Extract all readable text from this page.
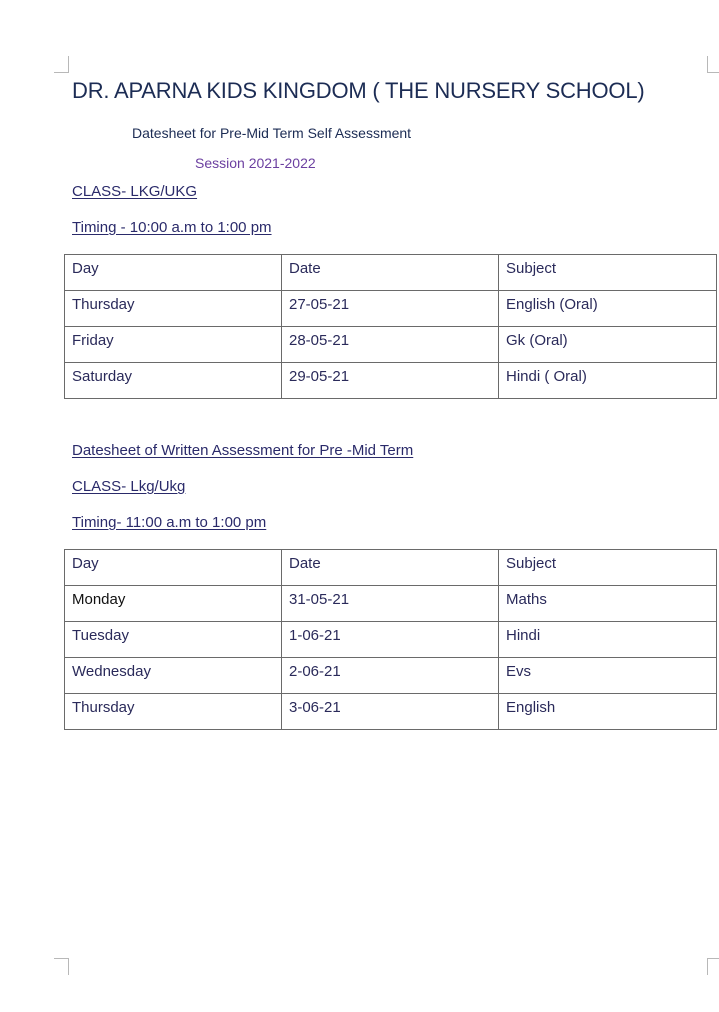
DR. APARNA KIDS KINGDOM ( THE NURSERY SCHOOL)
Datesheet for Pre-Mid Term Self Assessment
Session 2021-2022
CLASS- LKG/UKG
Timing - 10:00 a.m to 1:00 pm
Day	Date	Subject
Thursday	27-05-21	English (Oral)
Friday	28-05-21	Gk (Oral)
Saturday	29-05-21	Hindi ( Oral)
Datesheet of Written Assessment for Pre -Mid Term
CLASS- Lkg/Ukg
Timing- 11:00 a.m to 1:00 pm
Day	Date	Subject
Monday	31-05-21	Maths
Tuesday	1-06-21	Hindi
Wednesday	2-06-21	Evs
Thursday	3-06-21	English
